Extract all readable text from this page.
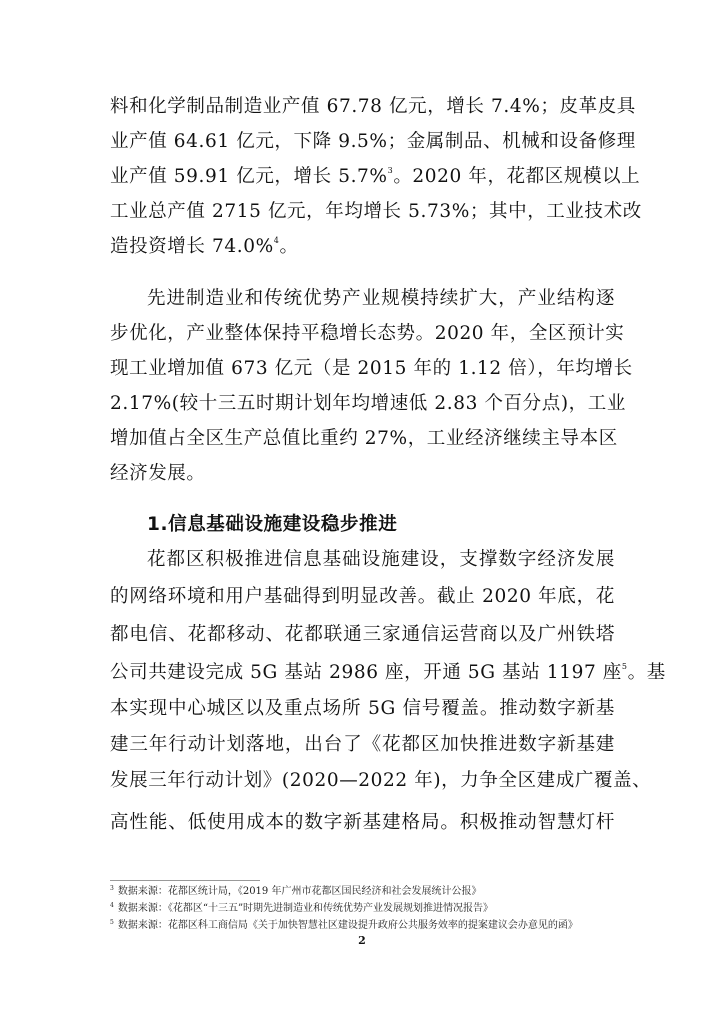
料和化学制品制造业产值 67.78 亿元，增长 7.4%；皮革皮具
业产值 64.61 亿元，下降 9.5%；金属制品、机械和设备修理
业产值 59.91 亿元，增长 5.7%$^3$。2020 年，花都区规模以上
工业总产值 2715 亿元，年均增长 5.73%；其中，工业技术改
造投资增长 74.0%$^4$。
先进制造业和传统优势产业规模持续扩大，产业结构逐
步优化，产业整体保持平稳增长态势。2020 年，全区预计实
现工业增加值 673 亿元（是 2015 年的 1.12 倍），年均增长
2.17%(较十三五时期计划年均增速低 2.83 个百分点)，工业
增加值占全区生产总值比重约 27%，工业经济继续主导本区
经济发展。
1.信息基础设施建设稳步推进
花都区积极推进信息基础设施建设，支撑数字经济发展
的网络环境和用户基础得到明显改善。截止 2020 年底，花
都电信、花都移动、花都联通三家通信运营商以及广州铁塔
公司共建设完成 5G 基站 2986 座，开通 5G 基站 1197 座$^5$ 。基
本实现中心城区以及重点场所 5G 信号覆盖。推动数字新基
建三年行动计划落地，出台了《花都区加快推进数字新基建
发展三年行动计划》(2020—2022 年)，力争全区建成广覆盖、
高性能、低使用成本的数字新基建格局。积极推动智慧灯杆
$^3$ 数据来源：花都区统计局，《2019 年广州市花都区国民经济和社会发展统计公报》
$^4$ 数据来源：《花都区“十三五”时期先进制造业和传统优势产业发展规划推进情况报告》
$^5$ 数据来源：花都区科工商信局《关于加快智慧社区建设提升政府公共服务效率的提案建议会办意见的函》
2
